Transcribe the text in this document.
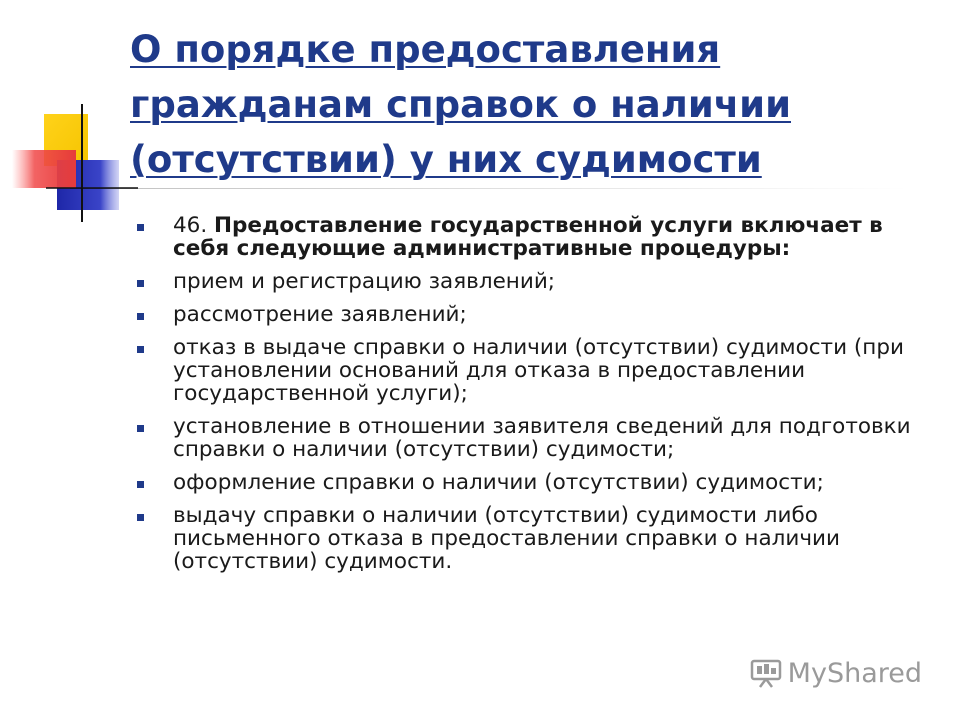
О порядке предоставления
гражданам справок о наличии
(отсутствии) у них судимости
46. Предоставление государственной услуги включает в себя следующие административные процедуры:
прием и регистрацию заявлений;
рассмотрение заявлений;
отказ в выдаче справки о наличии (отсутствии) судимости (при установлении оснований для отказа в предоставлении государственной услуги);
установление в отношении заявителя сведений для подготовки справки о наличии (отсутствии) судимости;
оформление справки о наличии (отсутствии) судимости;
выдачу справки о наличии (отсутствии) судимости либо письменного отказа в предоставлении справки о наличии (отсутствии) судимости.
MyShared
